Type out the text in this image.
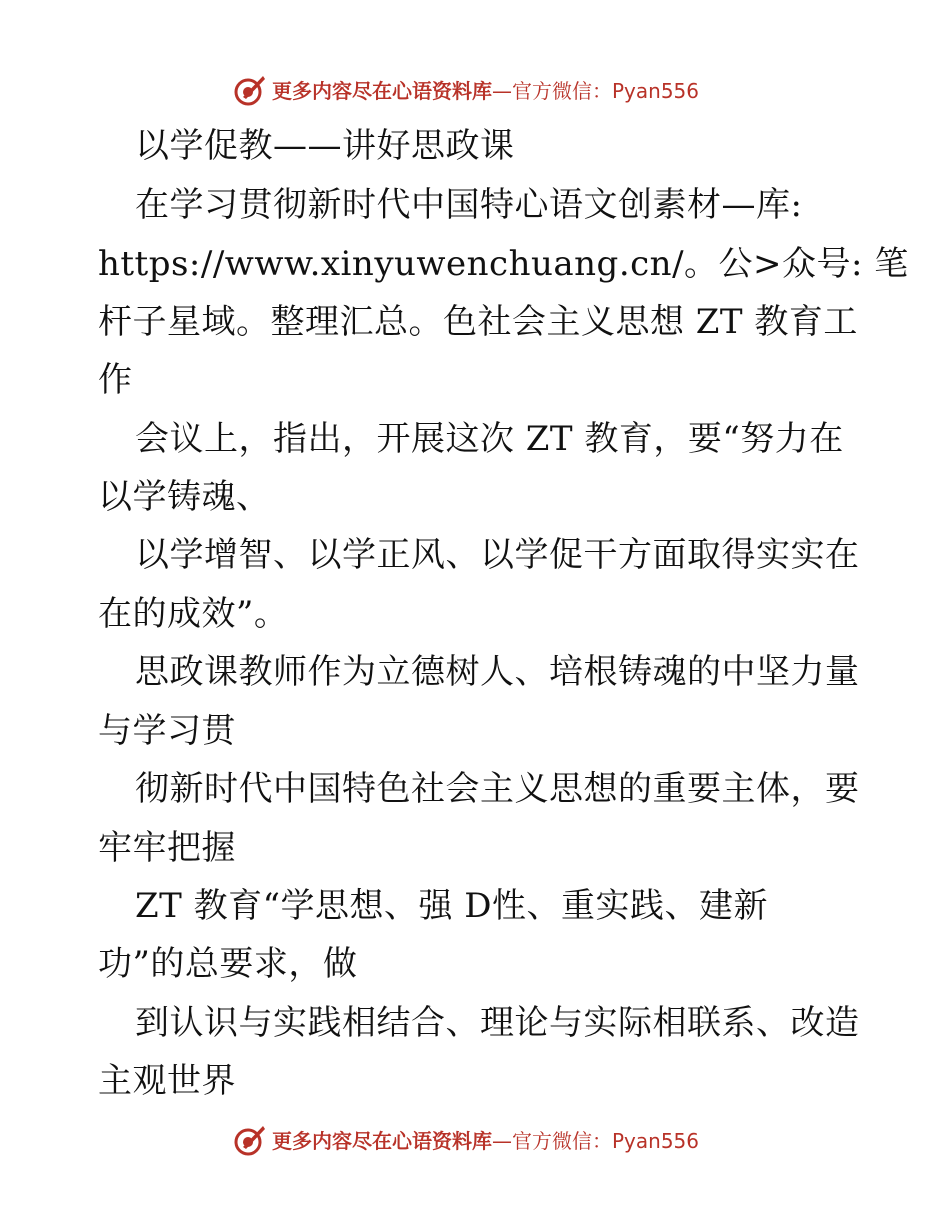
更多内容尽在心语资料库—官方微信：Pyan556
以学促教——讲好思政课
在学习贯彻新时代中国特心语文创素材—库:
https://www.xinyuwenchuang.cn/。公>众号: 笔
杆子星域。整理汇总。色社会主义思想 ZT 教育工
作
会议上，指出，开展这次 ZT 教育，要“努力在
以学铸魂、
以学增智、以学正风、以学促干方面取得实实在
在的成效”。
思政课教师作为立德树人、培根铸魂的中坚力量
与学习贯
彻新时代中国特色社会主义思想的重要主体，要
牢牢把握
ZT 教育“学思想、强 D性、重实践、建新
功”的总要求，做
到认识与实践相结合、理论与实际相联系、改造
主观世界
更多内容尽在心语资料库—官方微信：Pyan556
